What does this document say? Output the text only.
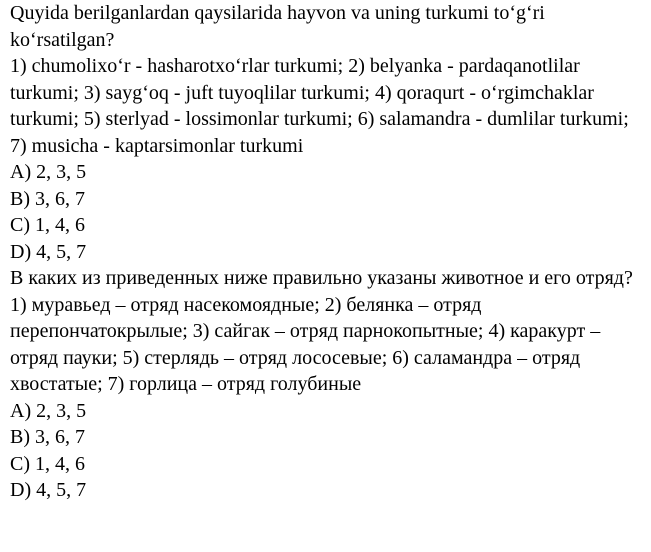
Quyida berilganlardan qaysilarida hayvon va uning turkumi to‘g‘ri ko‘rsatilgan?
1) chumolixo‘r - hasharotxo‘rlar turkumi; 2) belyanka - pardaqanotlilar turkumi; 3) sayg‘oq - juft tuyoqlilar turkumi; 4) qoraqurt - o‘rgimchaklar turkumi; 5) sterlyad - lossimonlar turkumi; 6) salamandra - dumlilar turkumi; 7) musicha - kaptarsimonlar turkumi
A) 2, 3, 5
B) 3, 6, 7
C) 1, 4, 6
D) 4, 5, 7
В каких из приведенных ниже правильно указаны животное и его отряд?
1) муравьед – отряд насекомоядные; 2) белянка – отряд перепончатокрылые; 3) сайгак – отряд парнокопытные; 4) каракурт – отряд пауки; 5) стерлядь – отряд лососевые; 6) саламандра – отряд хвостатые; 7) горлица – отряд голубиные
A) 2, 3, 5
B) 3, 6, 7
C) 1, 4, 6
D) 4, 5, 7
